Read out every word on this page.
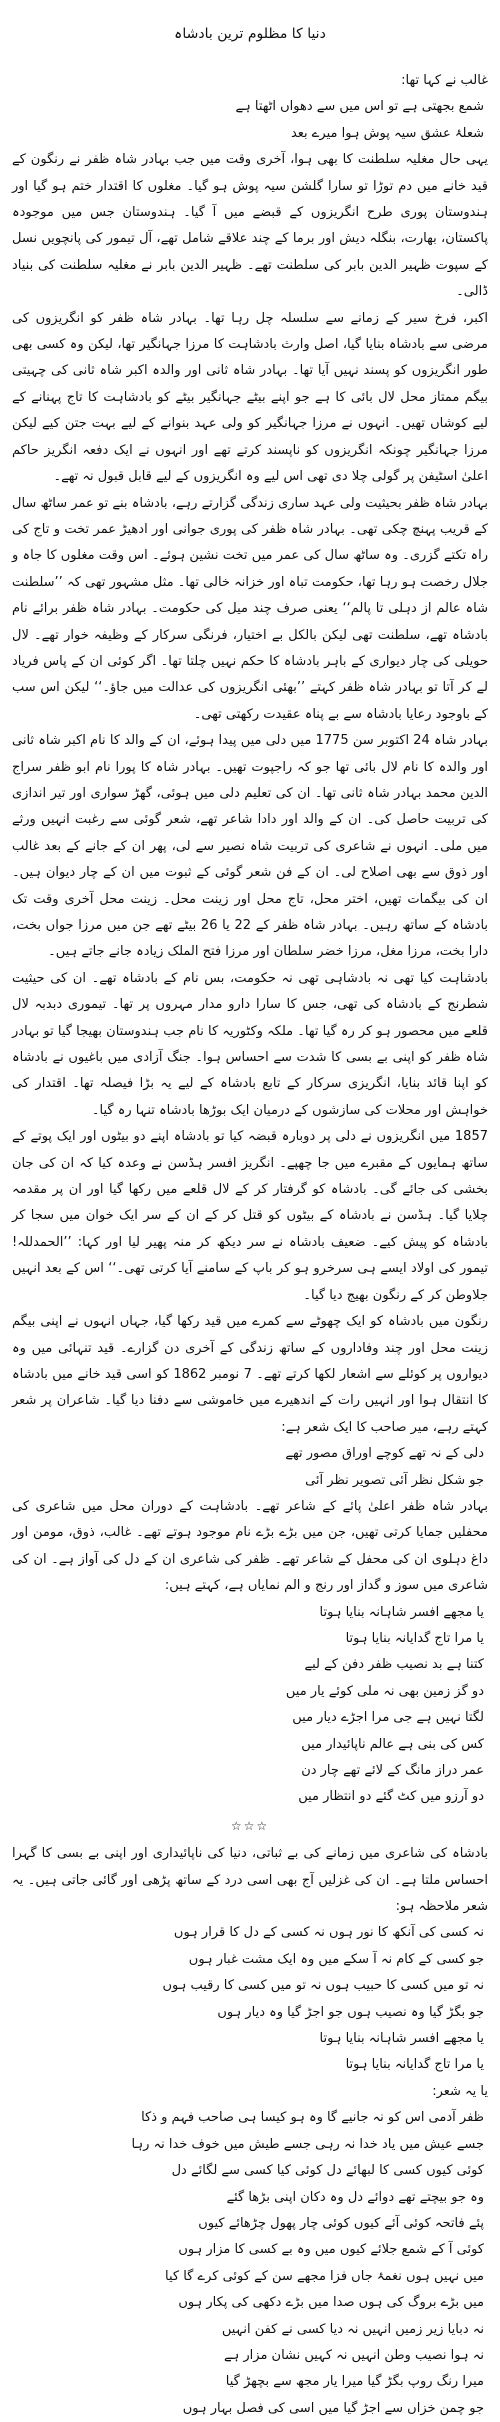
دنیا کا مظلوم ترین بادشاہ

غالب نے کہا تھا:

شمع بجھتی ہے تو اس میں سے دھواں اٹھتا ہے

شعلۂ عشق سیہ پوش ہوا میرے بعد

یہی حال مغلیہ سلطنت کا بھی ہوا، آخری وقت میں جب بہادر شاہ ظفر نے رنگون کے قید خانے میں دم توڑا تو سارا گلشن سیہ پوش ہو گیا۔ مغلوں کا اقتدار ختم ہو گیا اور ہندوستان پوری طرح انگریزوں کے قبضے میں آ گیا۔ ہندوستان جس میں موجودہ پاکستان، بھارت، بنگلہ دیش اور برما کے چند علاقے شامل تھے، آل تیمور کی پانچویں نسل کے سپوت ظہیر الدین بابر کی سلطنت تھے۔ ظہیر الدین بابر نے مغلیہ سلطنت کی بنیاد ڈالی۔

اکبر، فرخ سیر کے زمانے سے سلسلہ چل رہا تھا۔ بہادر شاہ ظفر کو انگریزوں کی مرضی سے بادشاہ بنایا گیا، اصل وارث بادشاہت کا مرزا جہانگیر تھا، لیکن وہ کسی بھی طور انگریزوں کو پسند نہیں آیا تھا۔ بہادر شاہ ثانی اور والدہ اکبر شاہ ثانی کی چہیتی بیگم ممتاز محل لال بائی کا ہے جو اپنے بیٹے جہانگیر بیٹے کو بادشاہت کا تاج پہنانے کے لیے کوشاں تھیں۔ انہوں نے مرزا جہانگیر کو ولی عہد بنوانے کے لیے بہت جتن کیے لیکن مرزا جہانگیر چونکہ انگریزوں کو ناپسند کرتے تھے اور انہوں نے ایک دفعہ انگریز حاکم اعلیٰ اسٹیفن پر گولی چلا دی تھی اس لیے وہ انگریزوں کے لیے قابل قبول نہ تھے۔

بہادر شاہ ظفر بحیثیت ولی عہد ساری زندگی گزارتے رہے، بادشاہ بنے تو عمر ساٹھ سال کے قریب پہنچ چکی تھی۔ بہادر شاہ ظفر کی پوری جوانی اور ادھیڑ عمر تخت و تاج کی راہ تکتے گزری۔ وہ ساٹھ سال کی عمر میں تخت نشین ہوئے۔ اس وقت مغلوں کا جاہ و جلال رخصت ہو رہا تھا، حکومت تباہ اور خزانہ خالی تھا۔ مثل مشہور تھی کہ ’’سلطنت شاہ عالم از دہلی تا پالم‘‘ یعنی صرف چند میل کی حکومت۔ بہادر شاہ ظفر برائے نام بادشاہ تھے، سلطنت تھی لیکن بالکل بے اختیار، فرنگی سرکار کے وظیفہ خوار تھے۔ لال حویلی کی چار دیواری کے باہر بادشاہ کا حکم نہیں چلتا تھا۔ اگر کوئی ان کے پاس فریاد لے کر آتا تو بہادر شاہ ظفر کہتے ’’بھئی انگریزوں کی عدالت میں جاؤ۔‘‘ لیکن اس سب کے باوجود رعایا بادشاہ سے بے پناہ عقیدت رکھتی تھی۔

بہادر شاہ 24 اکتوبر سن 1775 میں دلی میں پیدا ہوئے، ان کے والد کا نام اکبر شاہ ثانی اور والدہ کا نام لال بائی تھا جو کہ راجپوت تھیں۔ بہادر شاہ کا پورا نام ابو ظفر سراج الدین محمد بہادر شاہ ثانی تھا۔ ان کی تعلیم دلی میں ہوئی، گھڑ سواری اور تیر اندازی کی تربیت حاصل کی۔ ان کے والد اور دادا شاعر تھے، شعر گوئی سے رغبت انہیں ورثے میں ملی۔ انہوں نے شاعری کی تربیت شاہ نصیر سے لی، پھر ان کے جانے کے بعد غالب اور ذوق سے بھی اصلاح لی۔ ان کے فن شعر گوئی کے ثبوت میں ان کے چار دیوان ہیں۔ ان کی بیگمات تھیں، اختر محل، تاج محل اور زینت محل۔ زینت محل آخری وقت تک بادشاہ کے ساتھ رہیں۔ بہادر شاہ ظفر کے 22 یا 26 بیٹے تھے جن میں مرزا جواں بخت، دارا بخت، مرزا مغل، مرزا خضر سلطان اور مرزا فتح الملک زیادہ جانے جاتے ہیں۔

بادشاہت کیا تھی نہ بادشاہی تھی نہ حکومت، بس نام کے بادشاہ تھے۔ ان کی حیثیت شطرنج کے بادشاہ کی تھی، جس کا سارا دارو مدار مہروں پر تھا۔ تیموری دبدبہ لال قلعے میں محصور ہو کر رہ گیا تھا۔ ملکہ وکٹوریہ کا نام جب ہندوستان بھیجا گیا تو بہادر شاہ ظفر کو اپنی بے بسی کا شدت سے احساس ہوا۔ جنگ آزادی میں باغیوں نے بادشاہ کو اپنا قائد بنایا، انگریزی سرکار کے تابع بادشاہ کے لیے یہ بڑا فیصلہ تھا۔ اقتدار کی خواہش اور محلات کی سازشوں کے درمیان ایک بوڑھا بادشاہ تنہا رہ گیا۔

1857 میں انگریزوں نے دلی پر دوبارہ قبضہ کیا تو بادشاہ اپنے دو بیٹوں اور ایک پوتے کے ساتھ ہمایوں کے مقبرے میں جا چھپے۔ انگریز افسر ہڈسن نے وعدہ کیا کہ ان کی جان بخشی کی جائے گی۔ بادشاہ کو گرفتار کر کے لال قلعے میں رکھا گیا اور ان پر مقدمہ چلایا گیا۔ ہڈسن نے بادشاہ کے بیٹوں کو قتل کر کے ان کے سر ایک خوان میں سجا کر بادشاہ کو پیش کیے۔ ضعیف بادشاہ نے سر دیکھ کر منہ پھیر لیا اور کہا: ’’الحمدللہ! تیمور کی اولاد ایسے ہی سرخرو ہو کر باپ کے سامنے آیا کرتی تھی۔‘‘ اس کے بعد انہیں جلاوطن کر کے رنگون بھیج دیا گیا۔

رنگون میں بادشاہ کو ایک چھوٹے سے کمرے میں قید رکھا گیا، جہاں انہوں نے اپنی بیگم زینت محل اور چند وفاداروں کے ساتھ زندگی کے آخری دن گزارے۔ قید تنہائی میں وہ دیواروں پر کوئلے سے اشعار لکھا کرتے تھے۔ 7 نومبر 1862 کو اسی قید خانے میں بادشاہ کا انتقال ہوا اور انہیں رات کے اندھیرے میں خاموشی سے دفنا دیا گیا۔ شاعران پر شعر کہتے رہے، میر صاحب کا ایک شعر ہے:

دلی کے نہ تھے کوچے اوراق مصور تھے

جو شکل نظر آئی تصویر نظر آئی

بہادر شاہ ظفر اعلیٰ پائے کے شاعر تھے۔ بادشاہت کے دوران محل میں شاعری کی محفلیں جمایا کرتی تھیں، جن میں بڑے بڑے نام موجود ہوتے تھے۔ غالب، ذوق، مومن اور داغ دہلوی ان کی محفل کے شاعر تھے۔ ظفر کی شاعری ان کے دل کی آواز ہے۔ ان کی شاعری میں سوز و گداز اور رنج و الم نمایاں ہے، کہتے ہیں:

یا مجھے افسر شاہانہ بنایا ہوتا

یا مرا تاج گدایانہ بنایا ہوتا

کتنا ہے بد نصیب ظفر دفن کے لیے

دو گز زمین بھی نہ ملی کوئے یار میں

لگتا نہیں ہے جی مرا اجڑے دیار میں

کس کی بنی ہے عالم ناپائیدار میں

عمر دراز مانگ کے لائے تھے چار دن

دو آرزو میں کٹ گئے دو انتظار میں

☆☆☆

بادشاہ کی شاعری میں زمانے کی بے ثباتی، دنیا کی ناپائیداری اور اپنی بے بسی کا گہرا احساس ملتا ہے۔ ان کی غزلیں آج بھی اسی درد کے ساتھ پڑھی اور گائی جاتی ہیں۔ یہ شعر ملاحظہ ہو:

نہ کسی کی آنکھ کا نور ہوں نہ کسی کے دل کا قرار ہوں

جو کسی کے کام نہ آ سکے میں وہ ایک مشت غبار ہوں

نہ تو میں کسی کا حبیب ہوں نہ تو میں کسی کا رقیب ہوں

جو بگڑ گیا وہ نصیب ہوں جو اجڑ گیا وہ دیار ہوں

یا مجھے افسر شاہانہ بنایا ہوتا

یا مرا تاج گدایانہ بنایا ہوتا

یا یہ شعر:

ظفر آدمی اس کو نہ جانیے گا وہ ہو کیسا ہی صاحب فہم و ذکا

جسے عیش میں یاد خدا نہ رہی جسے طیش میں خوف خدا نہ رہا

کوئی کیوں کسی کا لبھائے دل کوئی کیا کسی سے لگائے دل

وہ جو بیچتے تھے دوائے دل وہ دکان اپنی بڑھا گئے

پئے فاتحہ کوئی آئے کیوں کوئی چار پھول چڑھائے کیوں

کوئی آ کے شمع جلائے کیوں میں وہ بے کسی کا مزار ہوں

میں نہیں ہوں نغمۂ جاں فزا مجھے سن کے کوئی کرے گا کیا

میں بڑے بروگ کی ہوں صدا میں بڑے دکھی کی پکار ہوں

نہ دبایا زیر زمیں انہیں نہ دیا کسی نے کفن انہیں

نہ ہوا نصیب وطن انہیں نہ کہیں نشان مزار ہے

میرا رنگ روپ بگڑ گیا میرا یار مجھ سے بچھڑ گیا

جو چمن خزاں سے اجڑ گیا میں اسی کی فصل بہار ہوں
